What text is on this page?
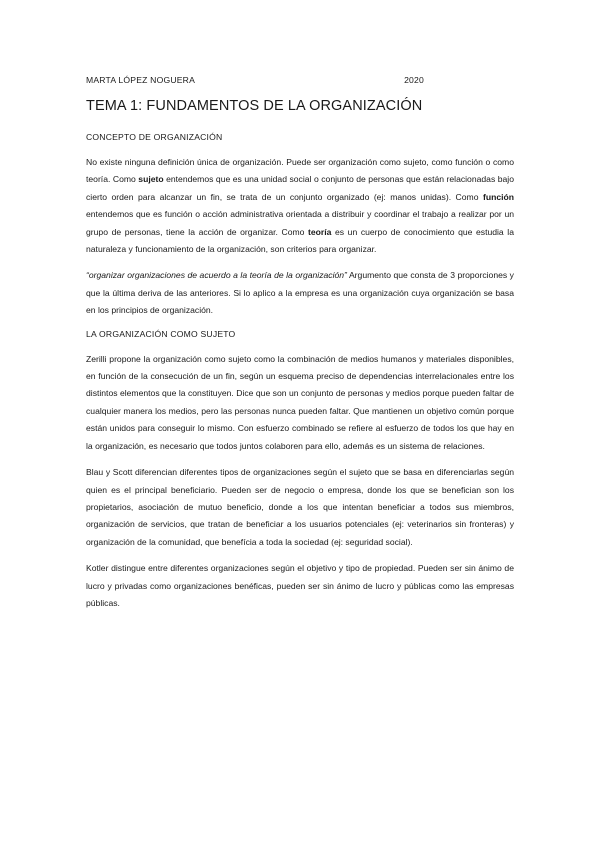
MARTA LÓPEZ NOGUERA	2020
TEMA 1: FUNDAMENTOS DE LA ORGANIZACIÓN

CONCEPTO DE ORGANIZACIÓN

No existe ninguna definición única de organización. Puede ser organización como sujeto, como función o como teoría. Como sujeto entendemos que es una unidad social o conjunto de personas que están relacionadas bajo cierto orden para alcanzar un fin, se trata de un conjunto organizado (ej: manos unidas). Como función entendemos que es función o acción administrativa orientada a distribuir y coordinar el trabajo a realizar por un grupo de personas, tiene la acción de organizar. Como teoría es un cuerpo de conocimiento que estudia la naturaleza y funcionamiento de la organización, son criterios para organizar.

“organizar organizaciones de acuerdo a la teoría de la organización” Argumento que consta de 3 proporciones y que la última deriva de las anteriores. Si lo aplico a la empresa es una organización cuya organización se basa en los principios de organización.

LA ORGANIZACIÓN COMO SUJETO

Zerilli propone la organización como sujeto como la combinación de medios humanos y materiales disponibles, en función de la consecución de un fin, según un esquema preciso de dependencias interrelacionales entre los distintos elementos que la constituyen. Dice que son un conjunto de personas y medios porque pueden faltar de cualquier manera los medios, pero las personas nunca pueden faltar. Que mantienen un objetivo común porque están unidos para conseguir lo mismo. Con esfuerzo combinado se refiere al esfuerzo de todos los que hay en la organización, es necesario que todos juntos colaboren para ello, además es un sistema de relaciones.

Blau y Scott diferencian diferentes tipos de organizaciones según el sujeto que se basa en diferenciarlas según quien es el principal beneficiario. Pueden ser de negocio o empresa, donde los que se benefician son los propietarios, asociación de mutuo beneficio, donde a los que intentan beneficiar a todos sus miembros, organización de servicios, que tratan de beneficiar a los usuarios potenciales (ej: veterinarios sin fronteras) y organización de la comunidad, que benefícia a toda la sociedad (ej: seguridad social).

Kotler distingue entre diferentes organizaciones según el objetivo y tipo de propiedad. Pueden ser sin ánimo de lucro y privadas como organizaciones benéficas, pueden ser sin ánimo de lucro y públicas como las empresas públicas.
